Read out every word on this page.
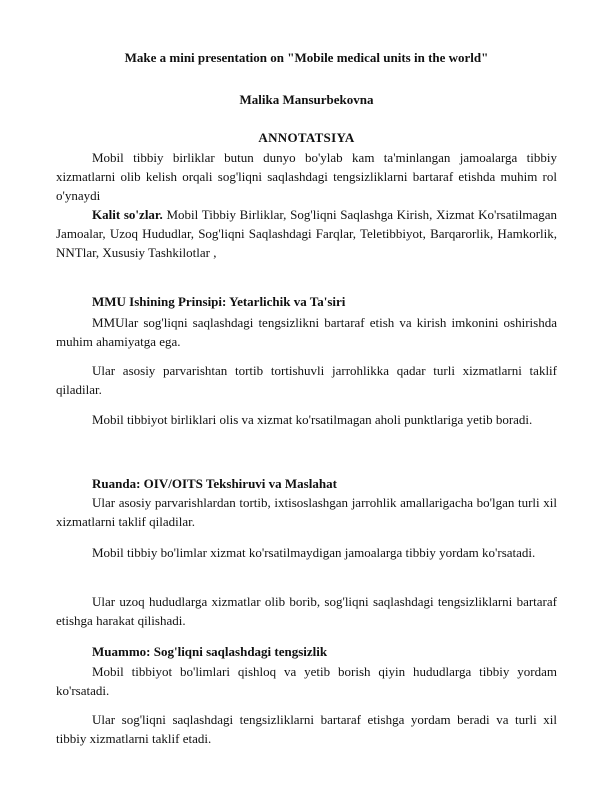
Make a mini presentation on "Mobile medical units in the world"
Malika Mansurbekovna
ANNOTATSIYA

Mobil tibbiy birliklar butun dunyo bo'ylab kam ta'minlangan jamoalarga tibbiy xizmatlarni olib kelish orqali sog'liqni saqlashdagi tengsizliklarni bartaraf etishda muhim rol o'ynaydi

Kalit so'zlar. Mobil Tibbiy Birliklar, Sog'liqni Saqlashga Kirish, Xizmat Ko'rsatilmagan Jamoalar, Uzoq Hududlar, Sog'liqni Saqlashdagi Farqlar, Teletibbiyot, Barqarorlik, Hamkorlik, NNTlar, Xususiy Tashkilotlar ,

MMU Ishining Prinsipi: Yetarlichik va Ta'siri

MMUlar sog'liqni saqlashdagi tengsizlikni bartaraf etish va kirish imkonini oshirishda muhim ahamiyatga ega.

Ular asosiy parvarishtan tortib tortishuvli jarrohlikka qadar turli xizmatlarni taklif qiladilar.

Mobil tibbiyot birliklari olis va xizmat ko'rsatilmagan aholi punktlariga yetib boradi.

Ruanda: OIV/OITS Tekshiruvi va Maslahat

Ular asosiy parvarishlardan tortib, ixtisoslashgan jarrohlik amallarigacha bo'lgan turli xil xizmatlarni taklif qiladilar.

Mobil tibbiy bo'limlar xizmat ko'rsatilmaydigan jamoalarga tibbiy yordam ko'rsatadi.

Ular uzoq hududlarga xizmatlar olib borib, sog'liqni saqlashdagi tengsizliklarni bartaraf etishga harakat qilishadi.

Muammo: Sog'liqni saqlashdagi tengsizlik

Mobil tibbiyot bo'limlari qishloq va yetib borish qiyin hududlarga tibbiy yordam ko'rsatadi.

Ular sog'liqni saqlashdagi tengsizliklarni bartaraf etishga yordam beradi va turli xil tibbiy xizmatlarni taklif etadi.
